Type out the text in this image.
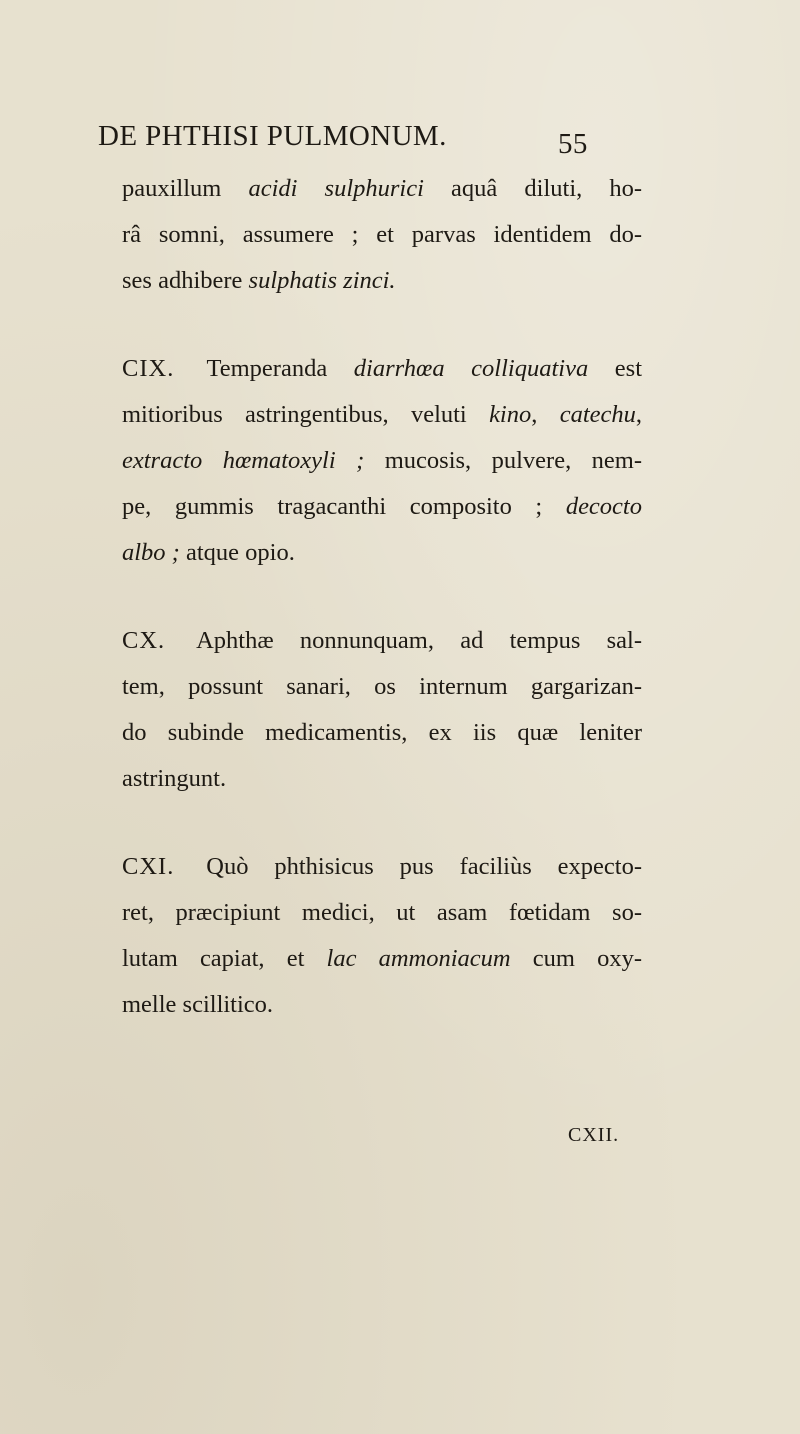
DE PHTHISI PULMONUM.	55
pauxillum acidi sulphurici aquâ diluti, ho-
râ somni, assumere ; et parvas identidem do-
ses adhibere sulphatis zinci.
CIX. Temperanda diarrhœa colliquativa est
mitioribus astringentibus, veluti kino, catechu,
extracto hœmatoxyli ; mucosis, pulvere, nem-
pe, gummis tragacanthi composito ; decocto
albo ; atque opio.
CX. Aphthæ nonnunquam, ad tempus sal-
tem, possunt sanari, os internum gargarizan-
do subinde medicamentis, ex iis quæ leniter
astringunt.
CXI. Quò phthisicus pus faciliùs expecto-
ret, præcipiunt medici, ut asam fœtidam so-
lutam capiat, et lac ammoniacum cum oxy-
melle scillitico.
CXII.
